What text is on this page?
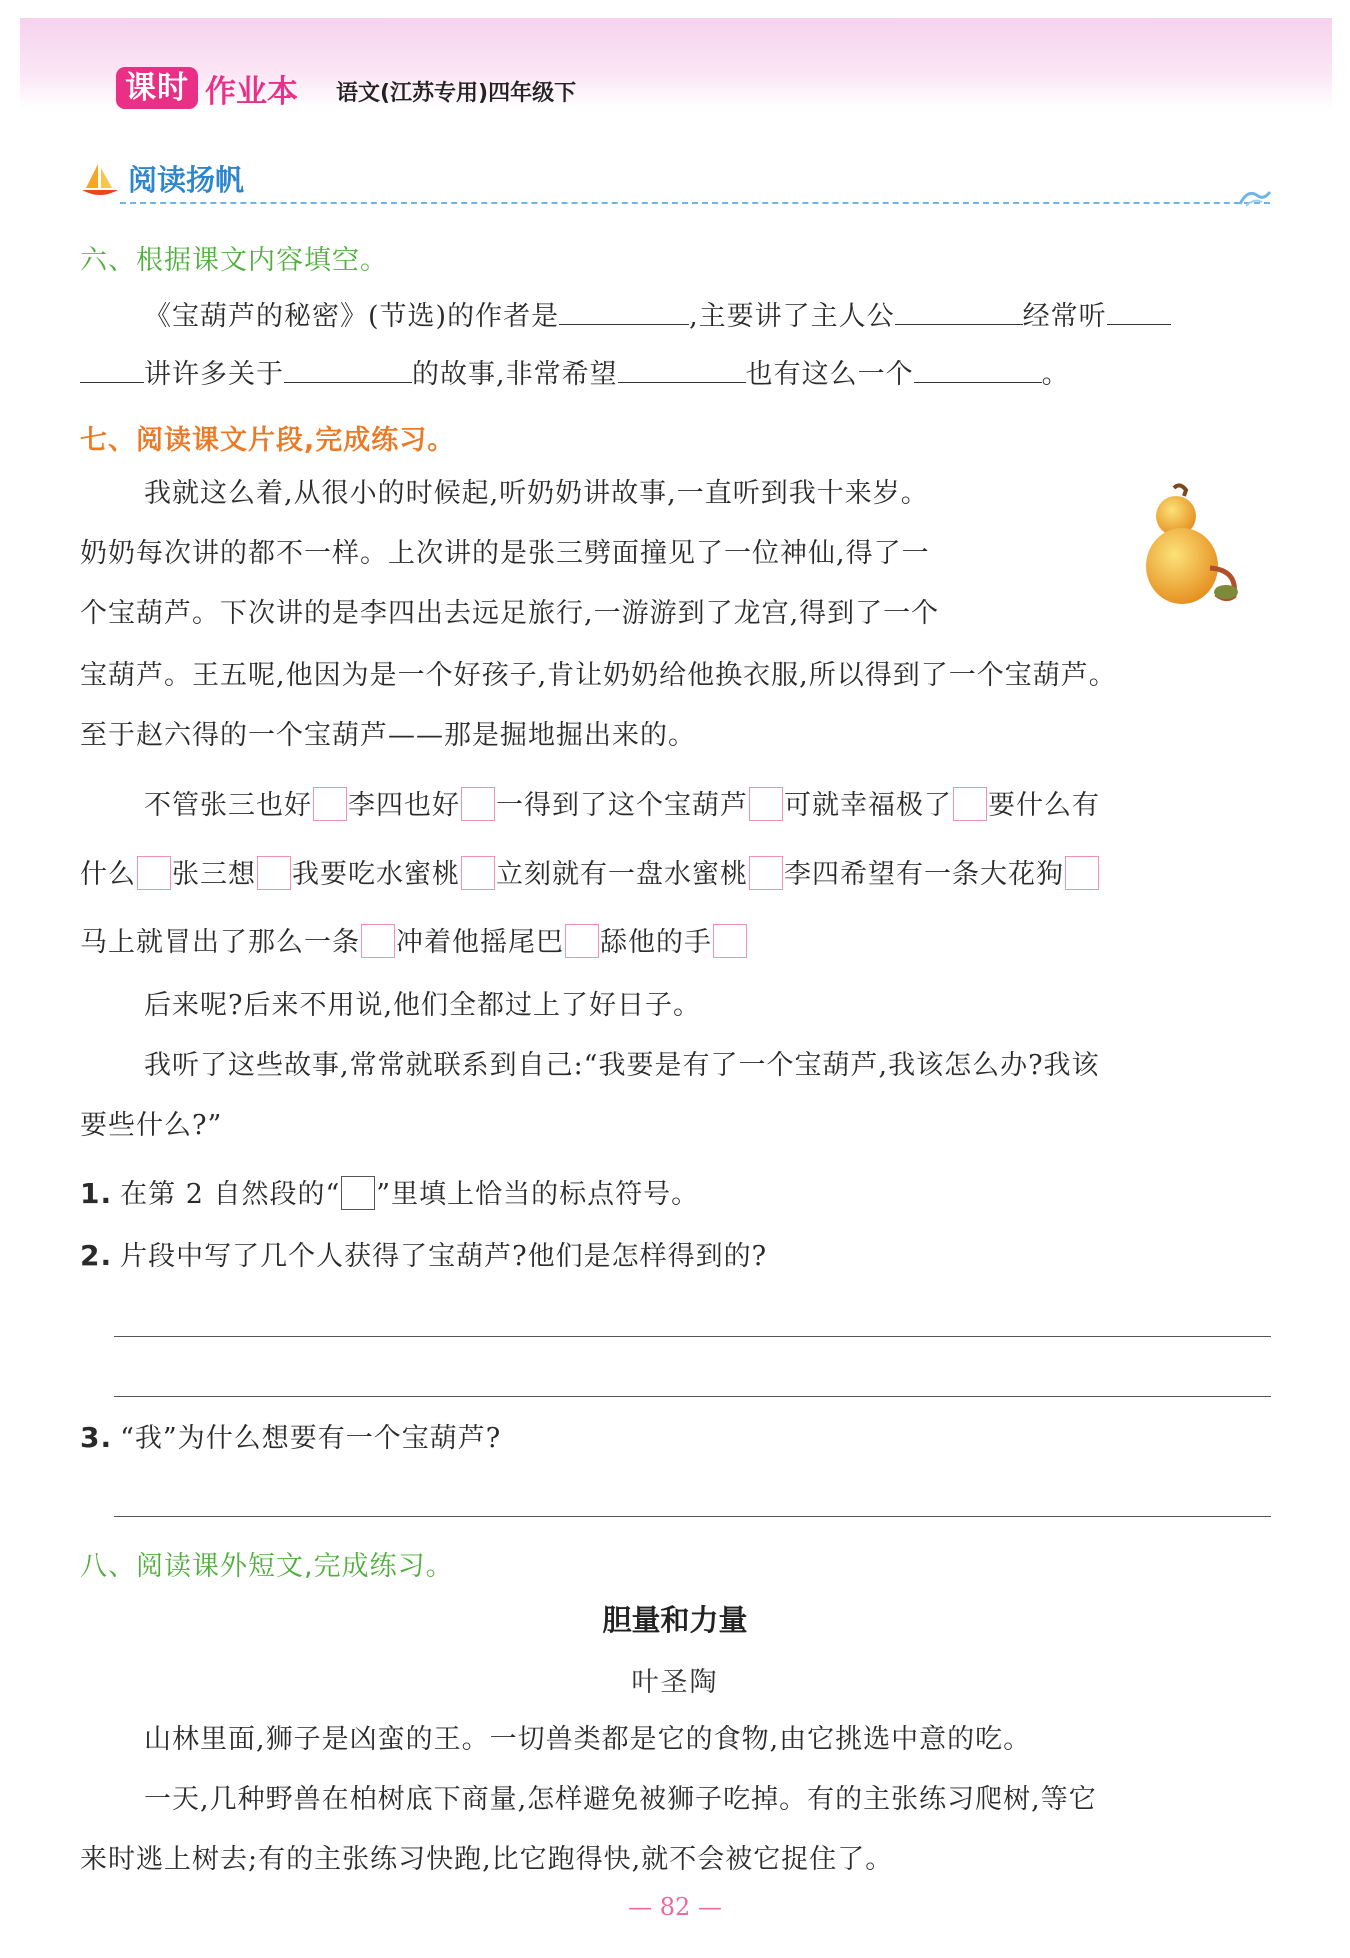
课时 作业本 语文(江苏专用)四年级下
阅读扬帆
六、根据课文内容填空。
《宝葫芦的秘密》(节选)的作者是	,主要讲了主人公	经常听
讲许多关于	的故事,非常希望	也有这么一个	。
七、阅读课文片段,完成练习。
我就这么着,从很小的时候起,听奶奶讲故事,一直听到我十来岁。
奶奶每次讲的都不一样。上次讲的是张三劈面撞见了一位神仙,得了一
个宝葫芦。下次讲的是李四出去远足旅行,一游游到了龙宫,得到了一个
宝葫芦。王五呢,他因为是一个好孩子,肯让奶奶给他换衣服,所以得到了一个宝葫芦。
至于赵六得的一个宝葫芦——那是掘地掘出来的。
不管张三也好 李四也好 一得到了这个宝葫芦 可就幸福极了 要什么有
什么 张三想 我要吃水蜜桃 立刻就有一盘水蜜桃 李四希望有一条大花狗
马上就冒出了那么一条 冲着他摇尾巴 舔他的手
后来呢?后来不用说,他们全都过上了好日子。
我听了这些故事,常常就联系到自己:“我要是有了一个宝葫芦,我该怎么办?我该
要些什么?”
1. 在第 2 自然段的“ ”里填上恰当的标点符号。
2. 片段中写了几个人获得了宝葫芦?他们是怎样得到的?
3. “我”为什么想要有一个宝葫芦?
八、阅读课外短文,完成练习。
胆量和力量
叶圣陶
山林里面,狮子是凶蛮的王。一切兽类都是它的食物,由它挑选中意的吃。
一天,几种野兽在柏树底下商量,怎样避免被狮子吃掉。有的主张练习爬树,等它
来时逃上树去;有的主张练习快跑,比它跑得快,就不会被它捉住了。
— 82 —
